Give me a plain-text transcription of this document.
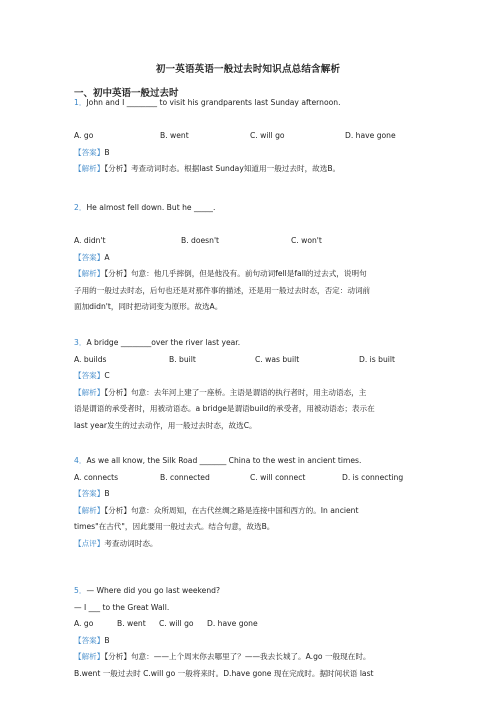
初一英语英语一般过去时知识点总结含解析
一、初中英语一般过去时
1．John and I ________ to visit his grandparents last Sunday afternoon.
A. go	B. went	C. will go	D. have gone
【答案】B
【解析】【分析】考查动词时态。根据last Sunday知道用一般过去时，故选B。
2．He almost fell down. But he _____.
A. didn't	B. doesn't	C. won't
【答案】A
【解析】【分析】句意：他几乎摔倒，但是他没有。前句动词fell是fall的过去式，说明句
子用的一般过去时态，后句也还是对那件事的描述，还是用一般过去时态，否定：动词前
面加didn't，同时把动词变为原形。故选A。
3．A bridge ________over the river last year.
A. builds	B. built	C. was built	D. is built
【答案】C
【解析】【分析】句意：去年河上建了一座桥。主语是谓语的执行者时，用主动语态，主
语是谓语的承受者时，用被动语态。a bridge是谓语build的承受者，用被动语态；表示在
last year发生的过去动作，用一般过去时态，故选C。
4．As we all know, the Silk Road _______ China to the west in ancient times.
A. connects	B. connected	C. will connect	D. is connecting
【答案】B
【解析】【分析】句意：众所周知，在古代丝绸之路是连接中国和西方的。In ancient
times"在古代"，因此要用一般过去式。结合句意，故选B。
【点评】考查动词时态。
5．— Where did you go last weekend?
— I ___ to the Great Wall.
A. go	B. went C. will go D. have gone
【答案】B
【解析】【分析】句意：——上个周末你去哪里了？——我去长城了。A.go 一般现在时。
B.went 一般过去时 C.will go 一般将来时。D.have gone 现在完成时。据时间状语 last
